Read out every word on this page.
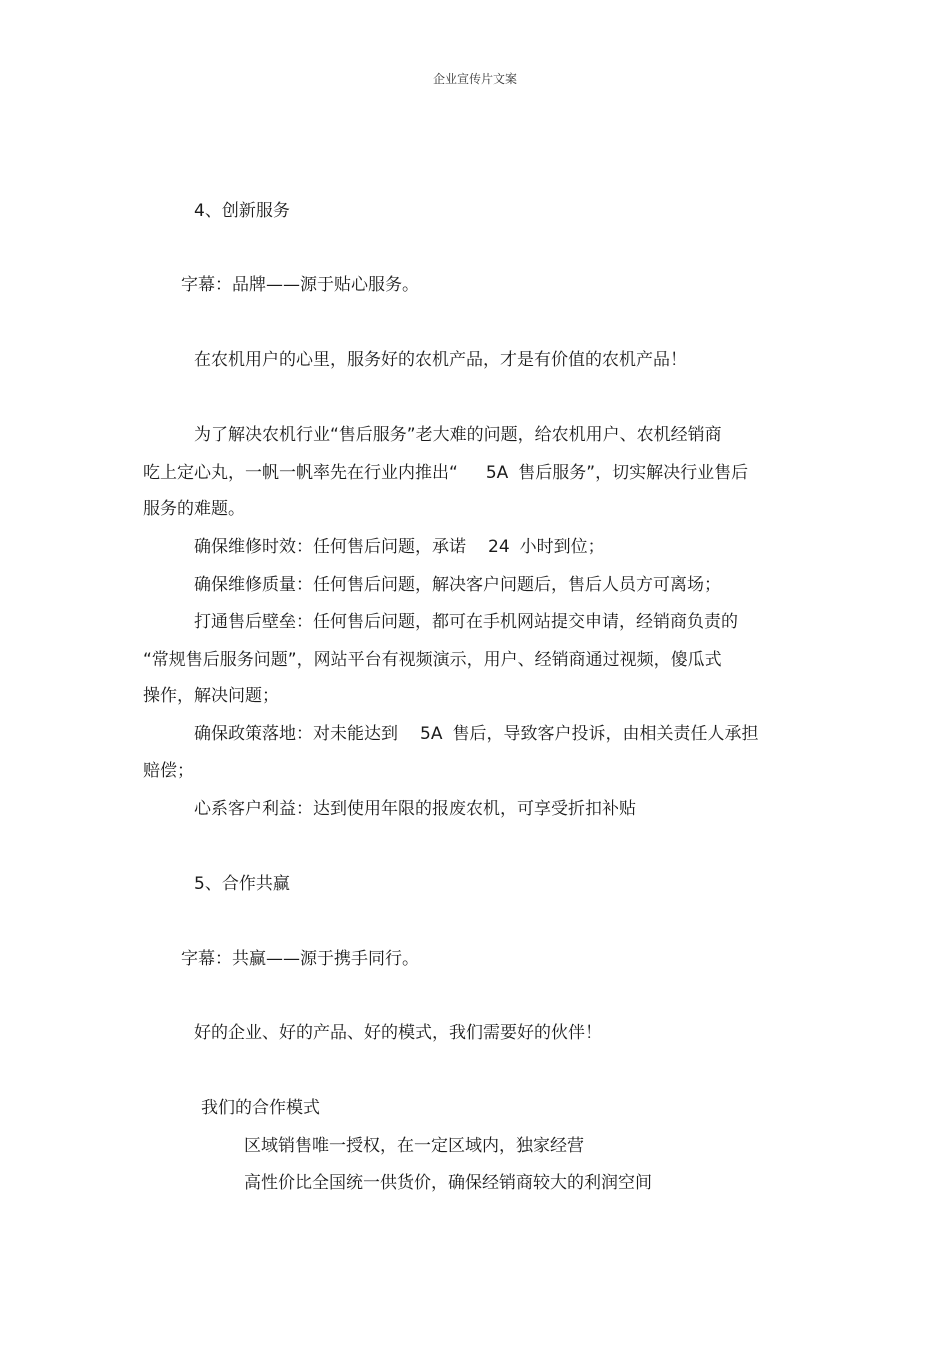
企业宣传片文案
4、创新服务
字幕：品牌——源于贴心服务。
在农机用户的心里，服务好的农机产品，才是有价值的农机产品！
为了解决农机行业“售后服务”老大难的问题，给农机用户、农机经销商
吃上定心丸，一帆一帆率先在行业内推出“ 5A 售后服务”，切实解决行业售后
服务的难题。
确保维修时效：任何售后问题，承诺 24 小时到位；
确保维修质量：任何售后问题，解决客户问题后，售后人员方可离场；
打通售后壁垒：任何售后问题，都可在手机网站提交申请，经销商负责的
“常规售后服务问题”，网站平台有视频演示，用户、经销商通过视频，傻瓜式
操作，解决问题；
确保政策落地：对未能达到 5A 售后，导致客户投诉，由相关责任人承担
赔偿；
心系客户利益：达到使用年限的报废农机，可享受折扣补贴
5、合作共赢
字幕：共赢——源于携手同行。
好的企业、好的产品、好的模式，我们需要好的伙伴！
我们的合作模式
区域销售唯一授权，在一定区域内，独家经营
高性价比全国统一供货价，确保经销商较大的利润空间
